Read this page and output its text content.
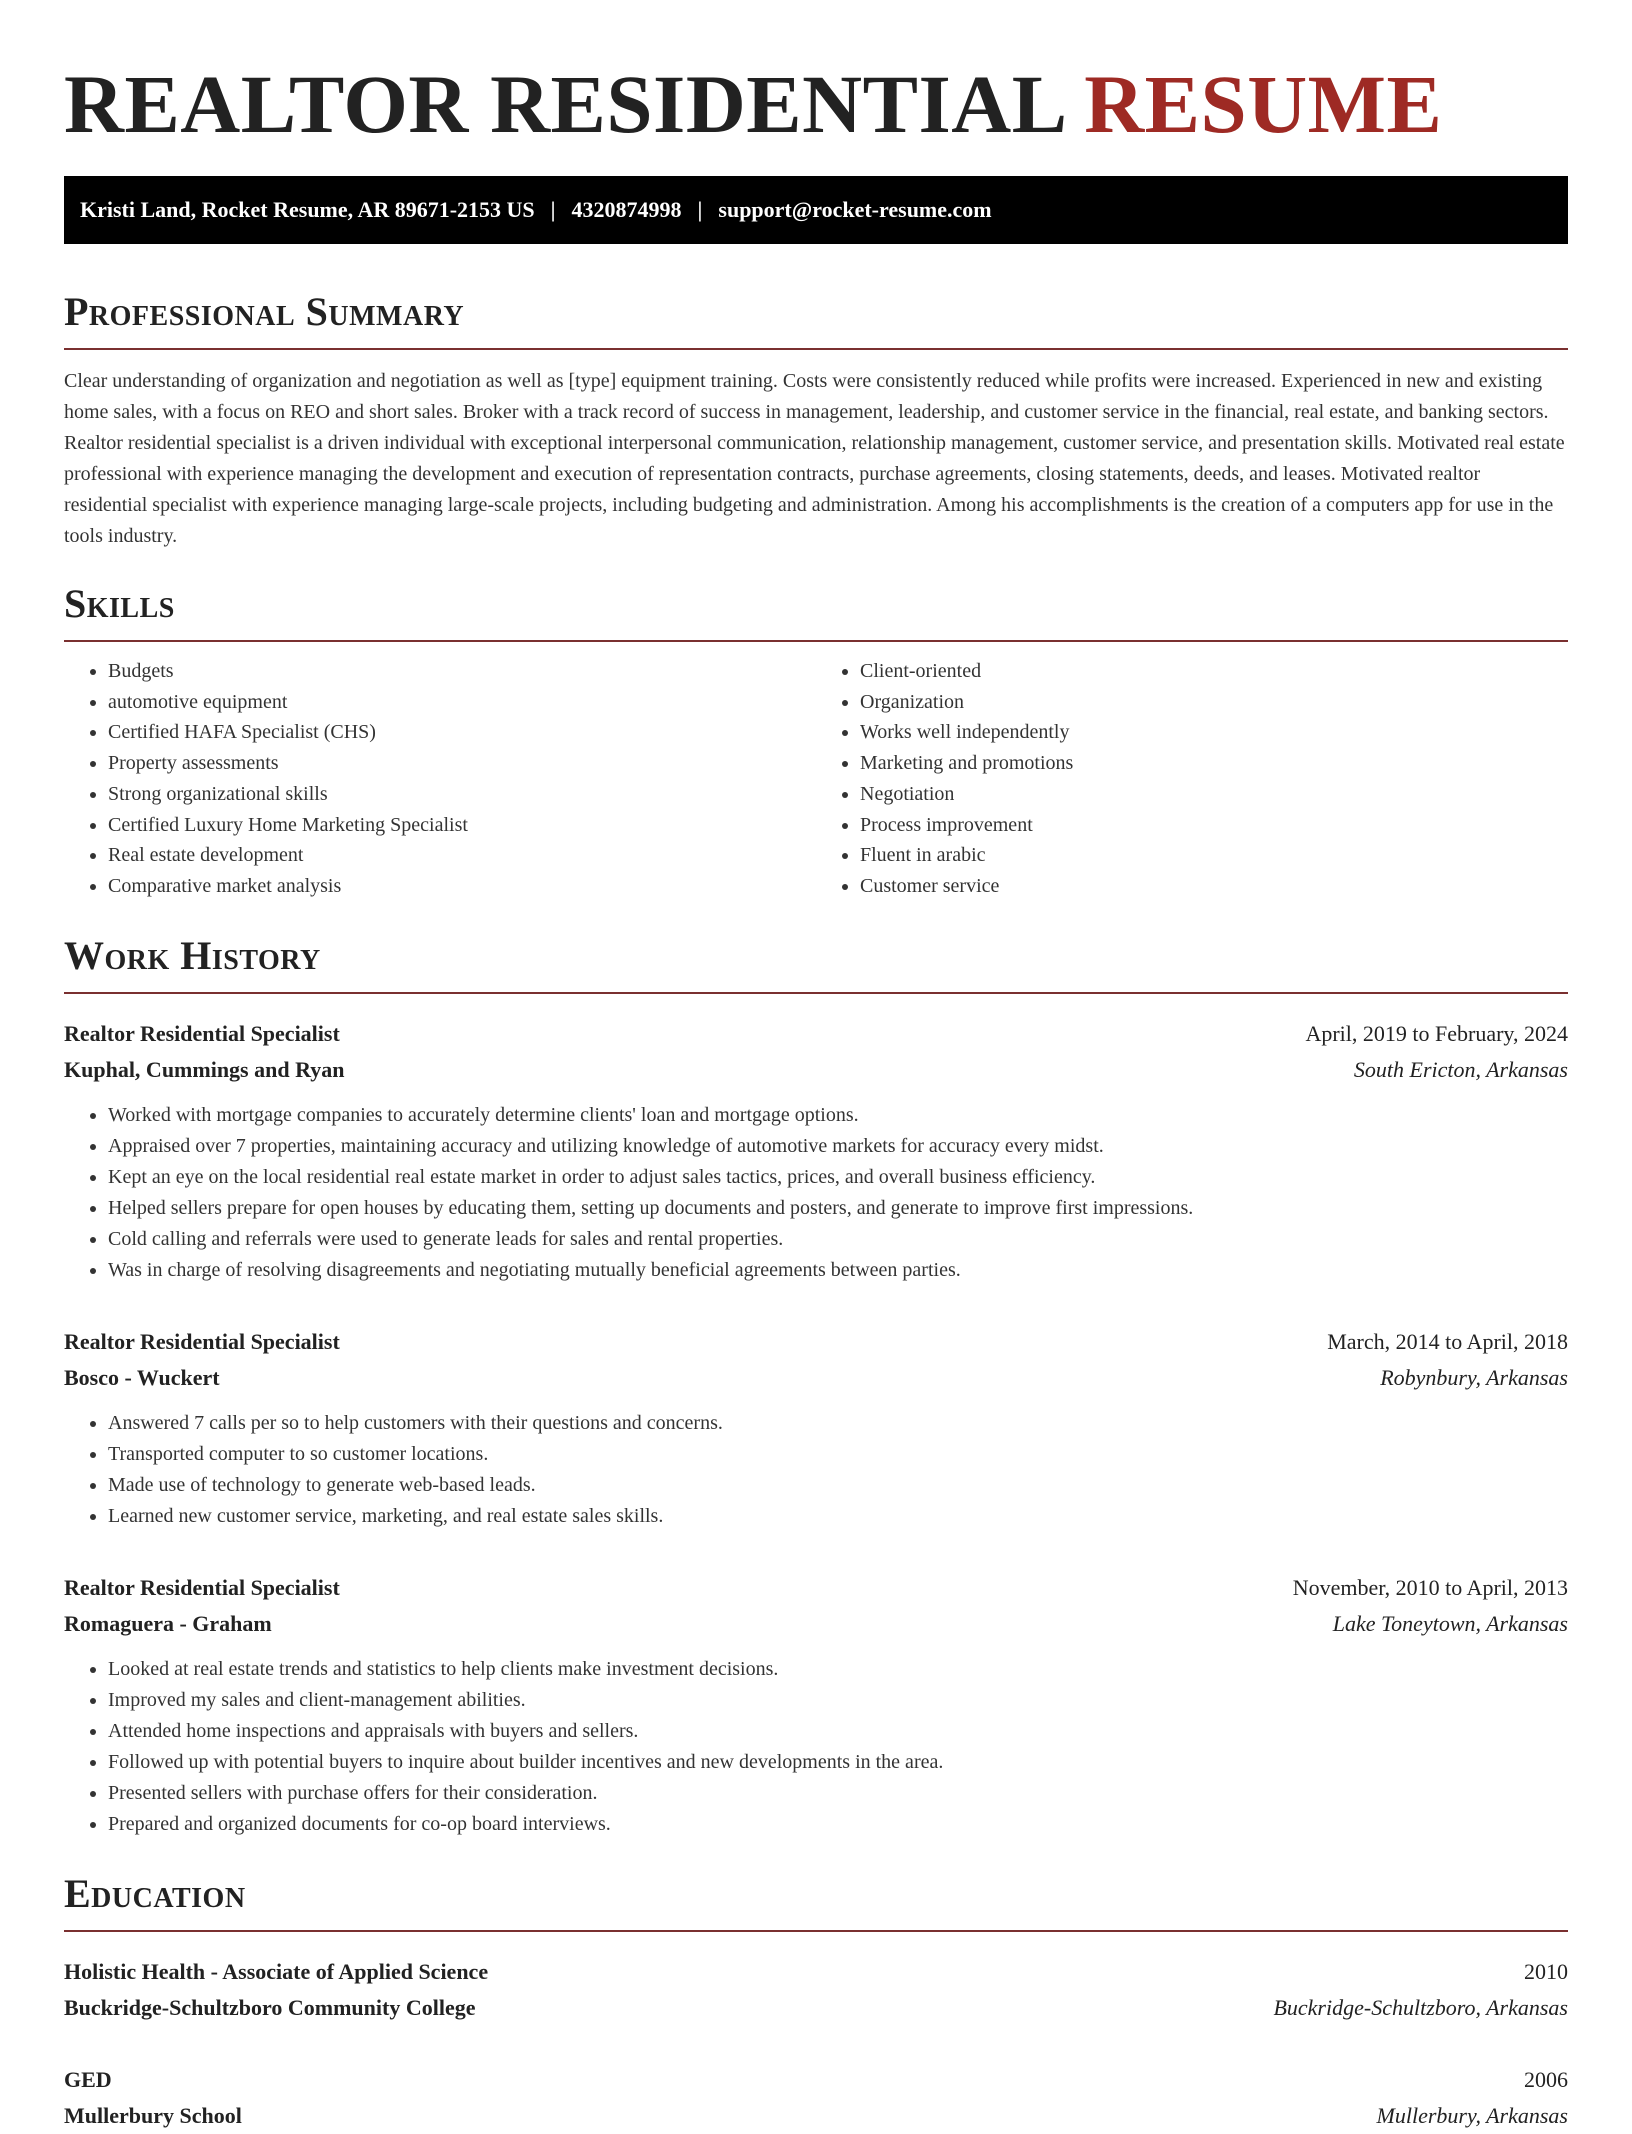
REALTOR RESIDENTIAL RESUME
Kristi Land, Rocket Resume, AR 89671-2153 US | 4320874998 | support@rocket-resume.com
Professional Summary

Clear understanding of organization and negotiation as well as [type] equipment training. Costs were consistently reduced while profits were increased. Experienced in new and existing home sales, with a focus on REO and short sales. Broker with a track record of success in management, leadership, and customer service in the financial, real estate, and banking sectors. Realtor residential specialist is a driven individual with exceptional interpersonal communication, relationship management, customer service, and presentation skills. Motivated real estate professional with experience managing the development and execution of representation contracts, purchase agreements, closing statements, deeds, and leases. Motivated realtor residential specialist with experience managing large-scale projects, including budgeting and administration. Among his accomplishments is the creation of a computers app for use in the tools industry.

Skills
• Budgets
• automotive equipment
• Certified HAFA Specialist (CHS)
• Property assessments
• Strong organizational skills
• Certified Luxury Home Marketing Specialist
• Real estate development
• Comparative market analysis
• Client-oriented
• Organization
• Works well independently
• Marketing and promotions
• Negotiation
• Process improvement
• Fluent in arabic
• Customer service
Work History
Realtor Residential Specialist	April, 2019 to February, 2024
Kuphal, Cummings and Ryan	South Ericton, Arkansas
• Worked with mortgage companies to accurately determine clients' loan and mortgage options.
• Appraised over 7 properties, maintaining accuracy and utilizing knowledge of automotive markets for accuracy every midst.
• Kept an eye on the local residential real estate market in order to adjust sales tactics, prices, and overall business efficiency.
• Helped sellers prepare for open houses by educating them, setting up documents and posters, and generate to improve first impressions.
• Cold calling and referrals were used to generate leads for sales and rental properties.
• Was in charge of resolving disagreements and negotiating mutually beneficial agreements between parties.
Realtor Residential Specialist	March, 2014 to April, 2018
Bosco - Wuckert	Robynbury, Arkansas
• Answered 7 calls per so to help customers with their questions and concerns.
• Transported computer to so customer locations.
• Made use of technology to generate web-based leads.
• Learned new customer service, marketing, and real estate sales skills.
Realtor Residential Specialist	November, 2010 to April, 2013
Romaguera - Graham	Lake Toneytown, Arkansas
• Looked at real estate trends and statistics to help clients make investment decisions.
• Improved my sales and client-management abilities.
• Attended home inspections and appraisals with buyers and sellers.
• Followed up with potential buyers to inquire about builder incentives and new developments in the area.
• Presented sellers with purchase offers for their consideration.
• Prepared and organized documents for co-op board interviews.
Education
Holistic Health - Associate of Applied Science	2010
Buckridge-Schultzboro Community College	Buckridge-Schultzboro, Arkansas
GED	2006
Mullerbury School	Mullerbury, Arkansas
